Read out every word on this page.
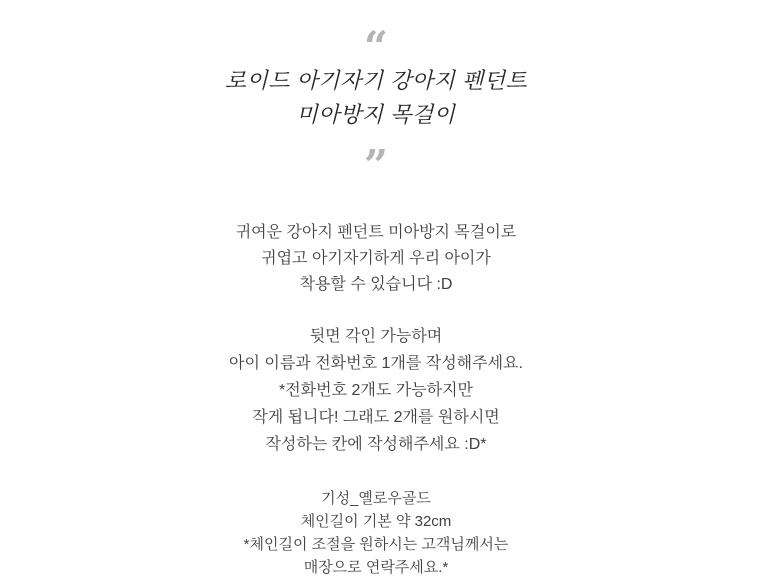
“
로이드 아기자기 강아지 펜던트
미아방지 목걸이
”
귀여운 강아지 펜던트 미아방지 목걸이로
귀엽고 아기자기하게 우리 아이가
착용할 수 있습니다 :D
뒷면 각인 가능하며
아이 이름과 전화번호 1개를 작성해주세요.
*전화번호 2개도 가능하지만
작게 됩니다! 그래도 2개를 원하시면
작성하는 칸에 작성해주세요 :D*
기성_옐로우골드
체인길이 기본 약 32cm
*체인길이 조절을 원하시는 고객님께서는
매장으로 연락주세요.*
